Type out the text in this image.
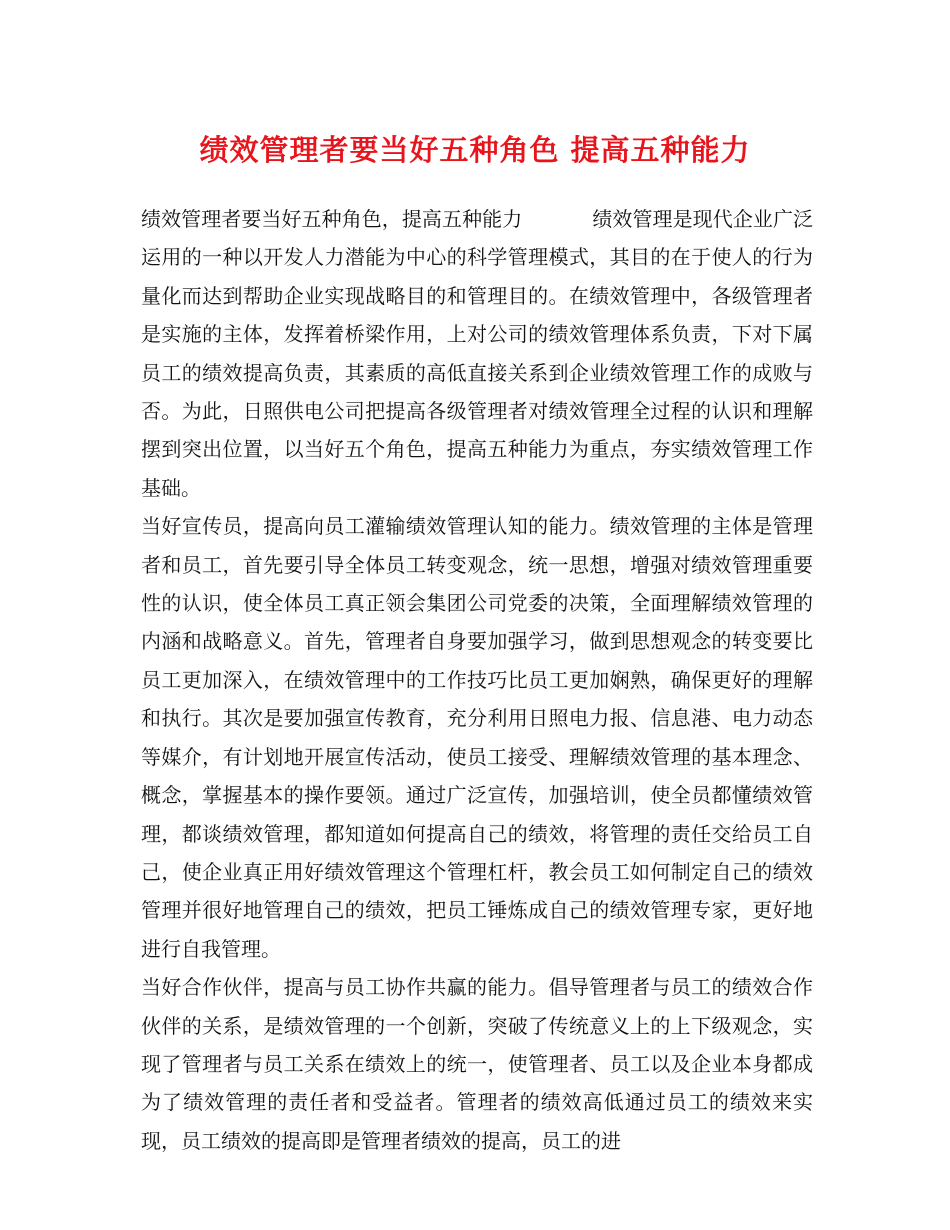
绩效管理者要当好五种角色 提高五种能力

绩效管理者要当好五种角色，提高五种能力	绩效管理是现代企业广泛运用的一种以开发人力潜能为中心的科学管理模式，其目的在于使人的行为量化而达到帮助企业实现战略目的和管理目的。在绩效管理中，各级管理者是实施的主体，发挥着桥梁作用，上对公司的绩效管理体系负责，下对下属员工的绩效提高负责，其素质的高低直接关系到企业绩效管理工作的成败与否。为此，日照供电公司把提高各级管理者对绩效管理全过程的认识和理解摆到突出位置，以当好五个角色，提高五种能力为重点，夯实绩效管理工作基础。

当好宣传员，提高向员工灌输绩效管理认知的能力。绩效管理的主体是管理者和员工，首先要引导全体员工转变观念，统一思想，增强对绩效管理重要性的认识，使全体员工真正领会集团公司党委的决策，全面理解绩效管理的内涵和战略意义。首先，管理者自身要加强学习，做到思想观念的转变要比员工更加深入，在绩效管理中的工作技巧比员工更加娴熟，确保更好的理解和执行。其次是要加强宣传教育，充分利用日照电力报、信息港、电力动态等媒介，有计划地开展宣传活动，使员工接受、理解绩效管理的基本理念、概念，掌握基本的操作要领。通过广泛宣传，加强培训，使全员都懂绩效管理，都谈绩效管理，都知道如何提高自己的绩效，将管理的责任交给员工自己，使企业真正用好绩效管理这个管理杠杆，教会员工如何制定自己的绩效管理并很好地管理自己的绩效，把员工锤炼成自己的绩效管理专家，更好地进行自我管理。

当好合作伙伴，提高与员工协作共赢的能力。倡导管理者与员工的绩效合作伙伴的关系，是绩效管理的一个创新，突破了传统意义上的上下级观念，实现了管理者与员工关系在绩效上的统一，使管理者、员工以及企业本身都成为了绩效管理的责任者和受益者。管理者的绩效高低通过员工的绩效来实现，员工绩效的提高即是管理者绩效的提高，员工的进
